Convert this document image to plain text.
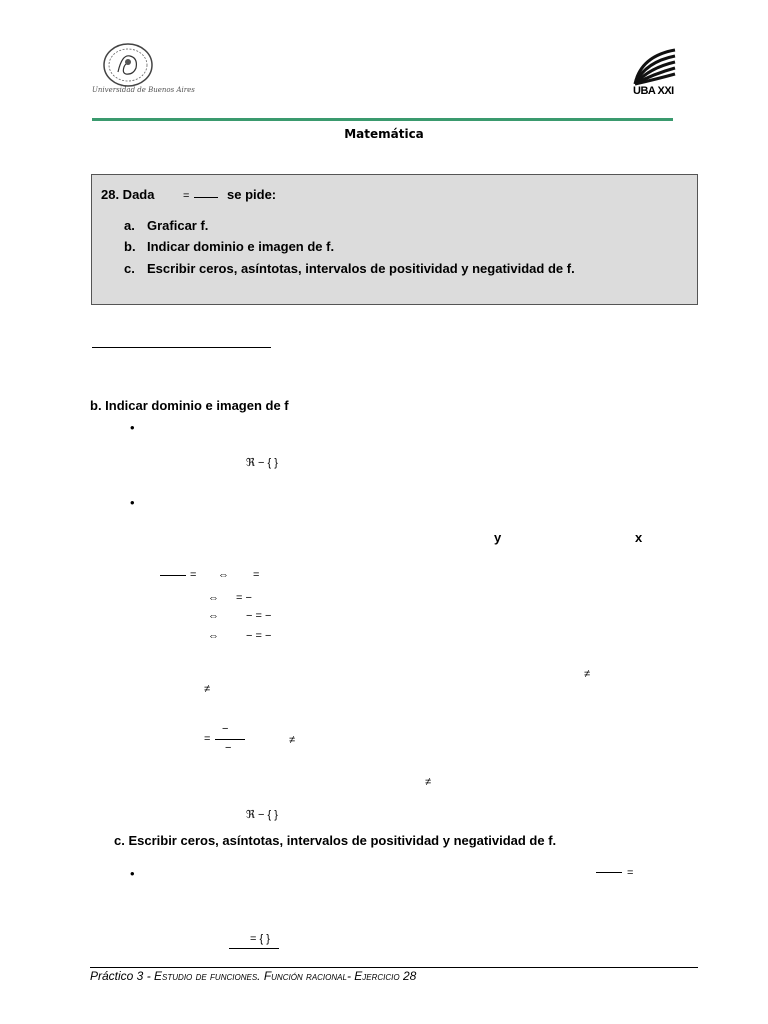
Universidad de Buenos Aires	UBA XXI
Matemática
28. Dada	=	se pide:
a. Graficar f.
b. Indicar dominio e imagen de f.
c. Escribir ceros, asíntotas, intervalos de positividad y negatividad de f.
b. Indicar dominio e imagen de f
•
ℜ − { }
•
y	x
= ⇔ =
⇔ = −
⇔ − = −
⇔ − = −
≠
≠
−
=
−
≠
≠
ℜ − { }
c. Escribir ceros, asíntotas, intervalos de positividad y negatividad de f.
•	=
= { }
Práctico 3 - Estudio de funciones. Función racional- Ejercicio 28
